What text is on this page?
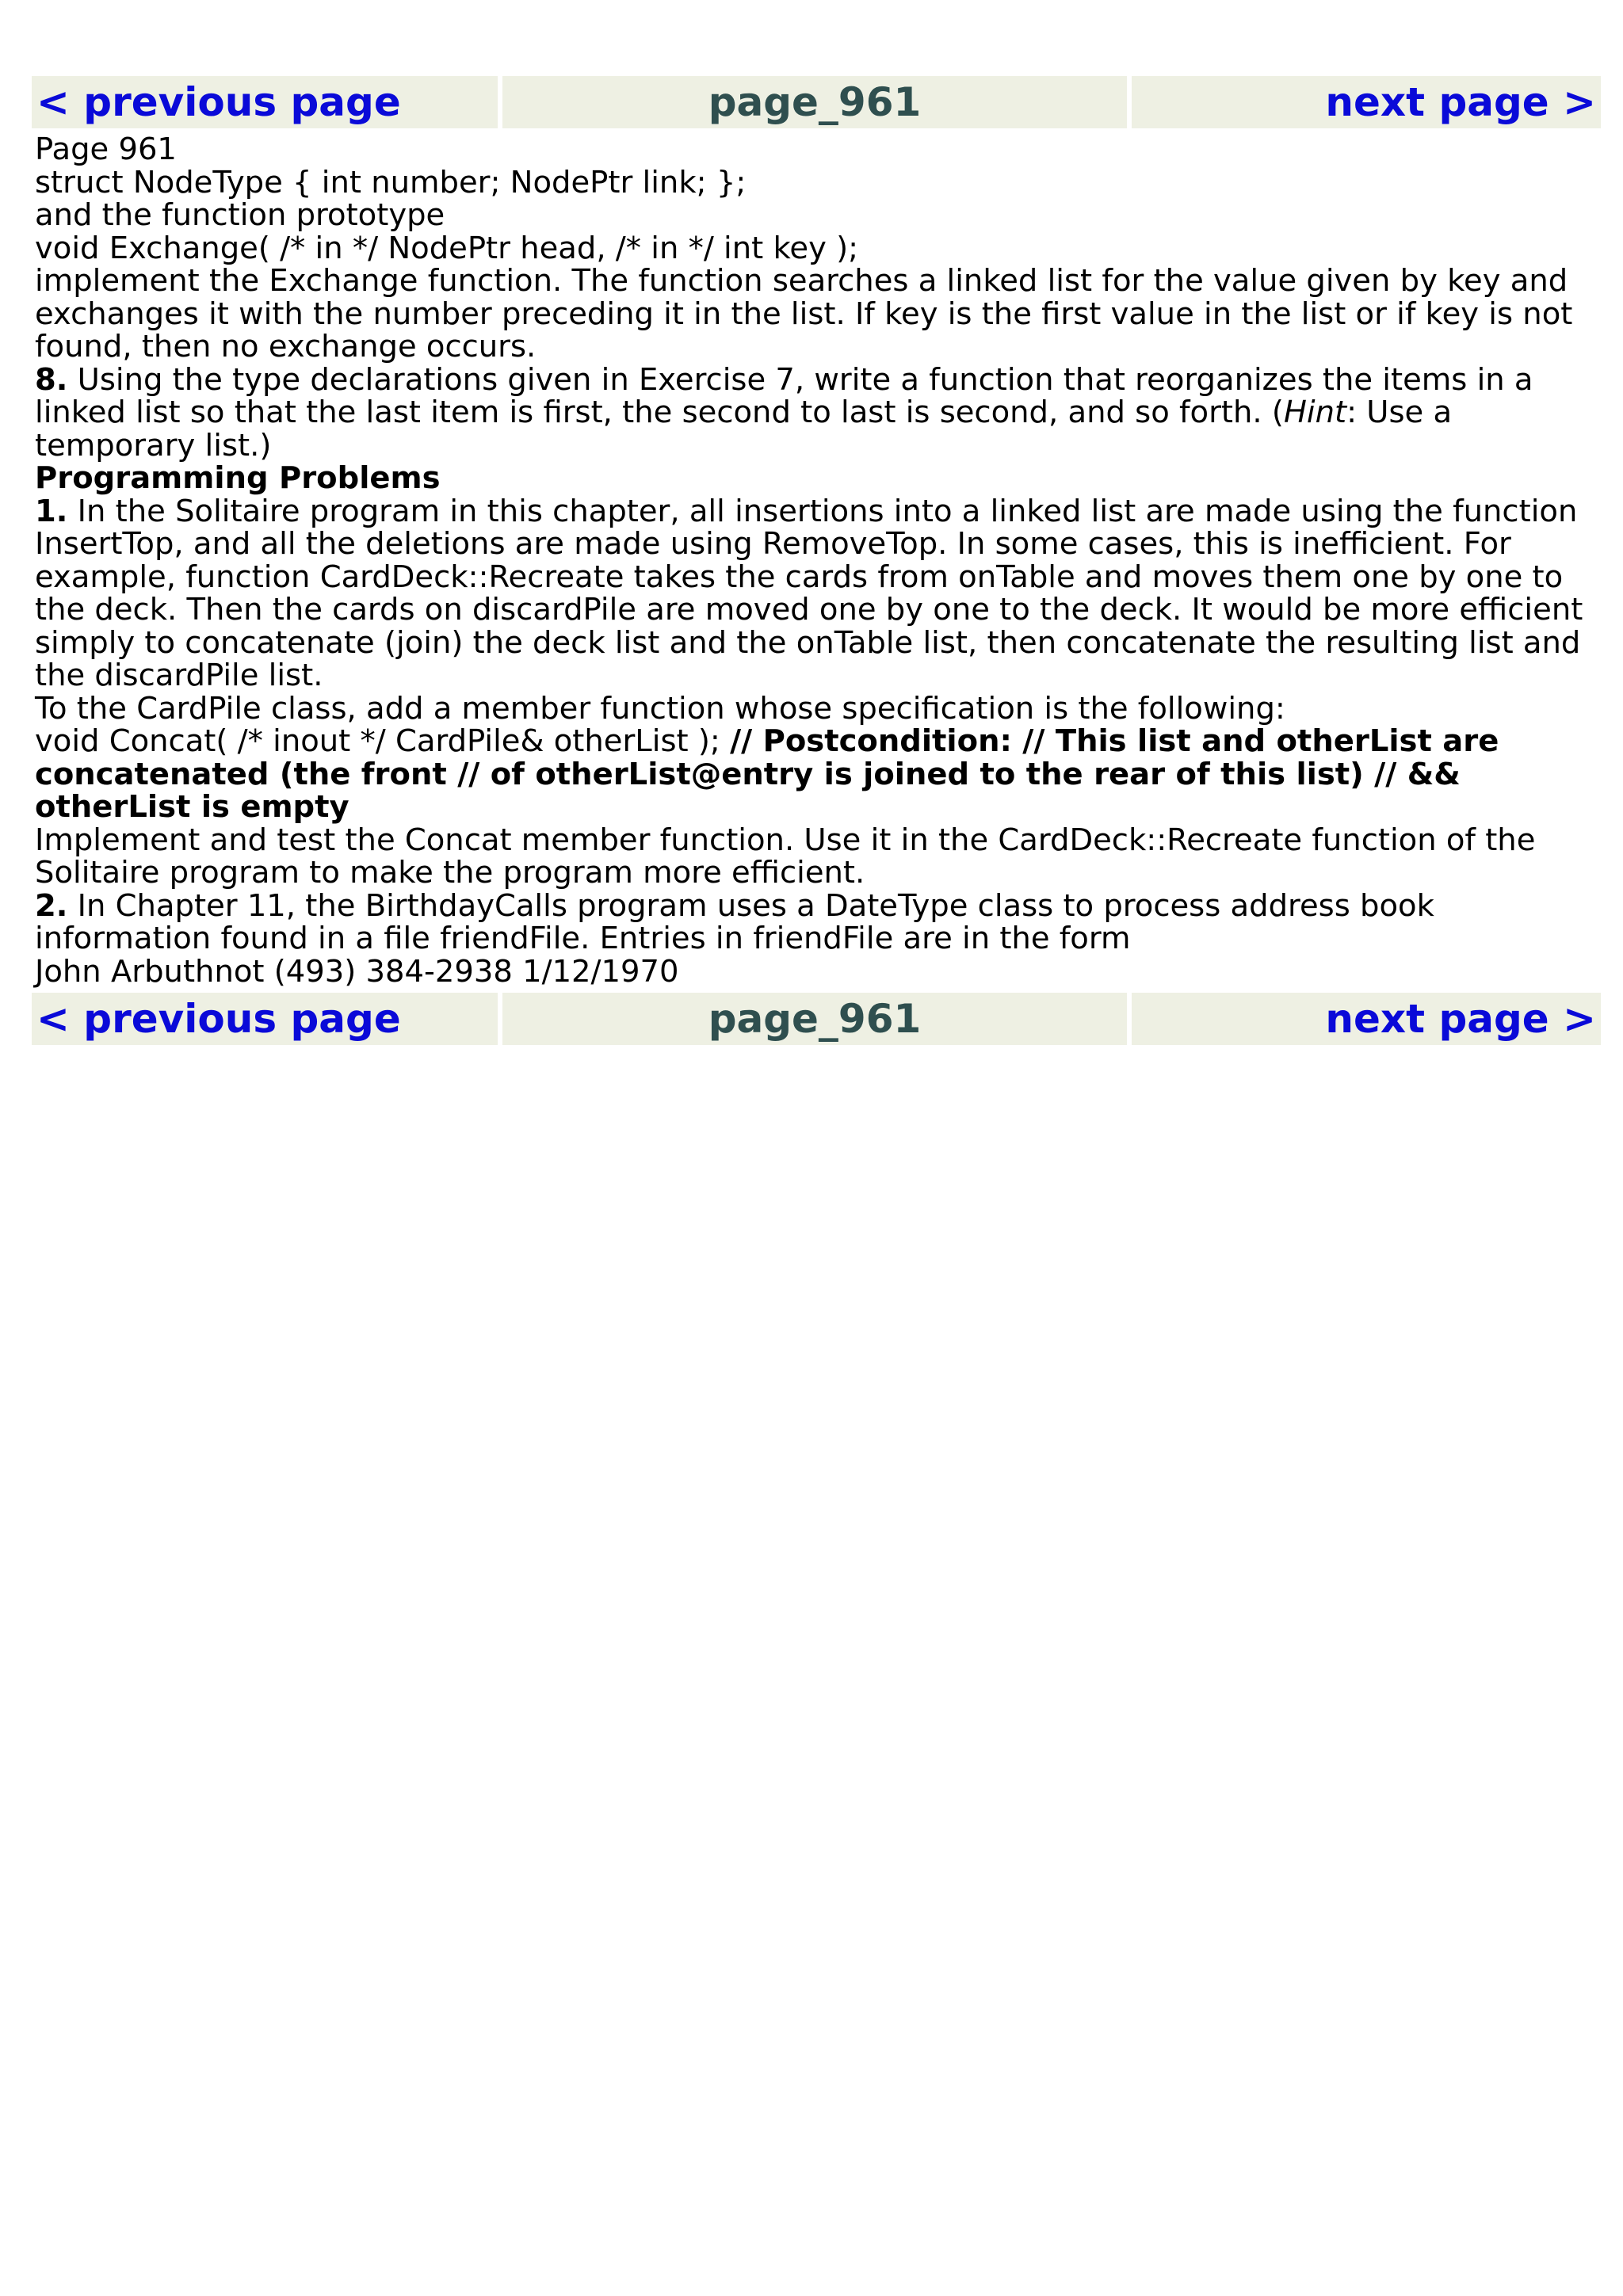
< previous page	page_961	next page >

Page 961

struct NodeType { int number; NodePtr link; };

and the function prototype

void Exchange( /* in */ NodePtr head, /* in */ int key );

implement the Exchange function. The function searches a linked list for the value given by key and exchanges it with the number preceding it in the list. If key is the first value in the list or if key is not found, then no exchange occurs.

8. Using the type declarations given in Exercise 7, write a function that reorganizes the items in a linked list so that the last item is first, the second to last is second, and so forth. (Hint: Use a temporary list.)

Programming Problems

1. In the Solitaire program in this chapter, all insertions into a linked list are made using the function InsertTop, and all the deletions are made using RemoveTop. In some cases, this is inefficient. For example, function CardDeck::Recreate takes the cards from onTable and moves them one by one to the deck. Then the cards on discardPile are moved one by one to the deck. It would be more efficient simply to concatenate (join) the deck list and the onTable list, then concatenate the resulting list and the discardPile list.

To the CardPile class, add a member function whose specification is the following:

void Concat( /* inout */ CardPile& otherList ); // Postcondition: // This list and otherList are concatenated (the front // of otherList@entry is joined to the rear of this list) // && otherList is empty

Implement and test the Concat member function. Use it in the CardDeck::Recreate function of the Solitaire program to make the program more efficient.

2. In Chapter 11, the BirthdayCalls program uses a DateType class to process address book information found in a file friendFile. Entries in friendFile are in the form

John Arbuthnot (493) 384-2938 1/12/1970

< previous page	page_961	next page >
